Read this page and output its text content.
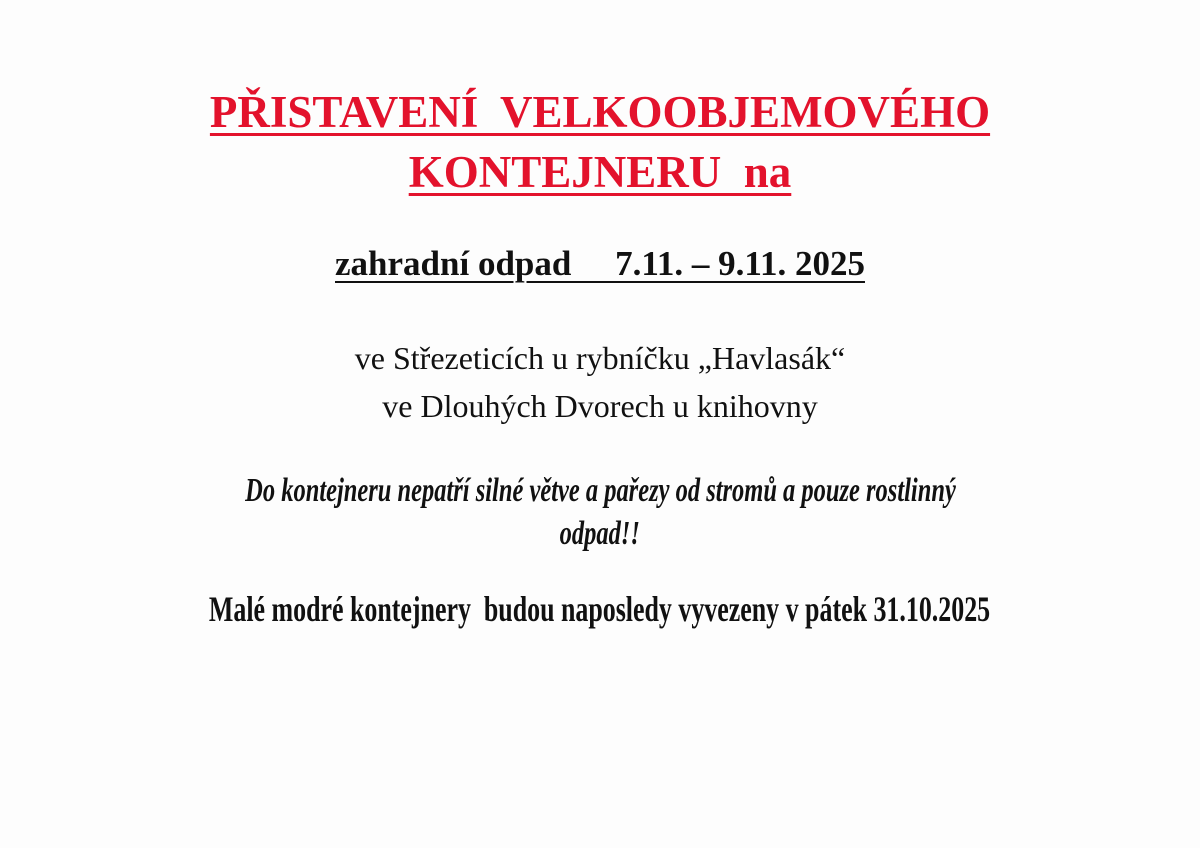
PŘISTAVENÍ  VELKOOBJEMOVÉHO
KONTEJNERU  na
zahradní odpad     7.11. – 9.11. 2025
ve Střezeticích u rybníčku „Havlasák“
ve Dlouhých Dvorech u knihovny
Do kontejneru nepatří silné větve a pařezy od stromů a pouze rostlinný
odpad!!
Malé modré kontejnery  budou naposledy vyvezeny v pátek 31.10.2025
